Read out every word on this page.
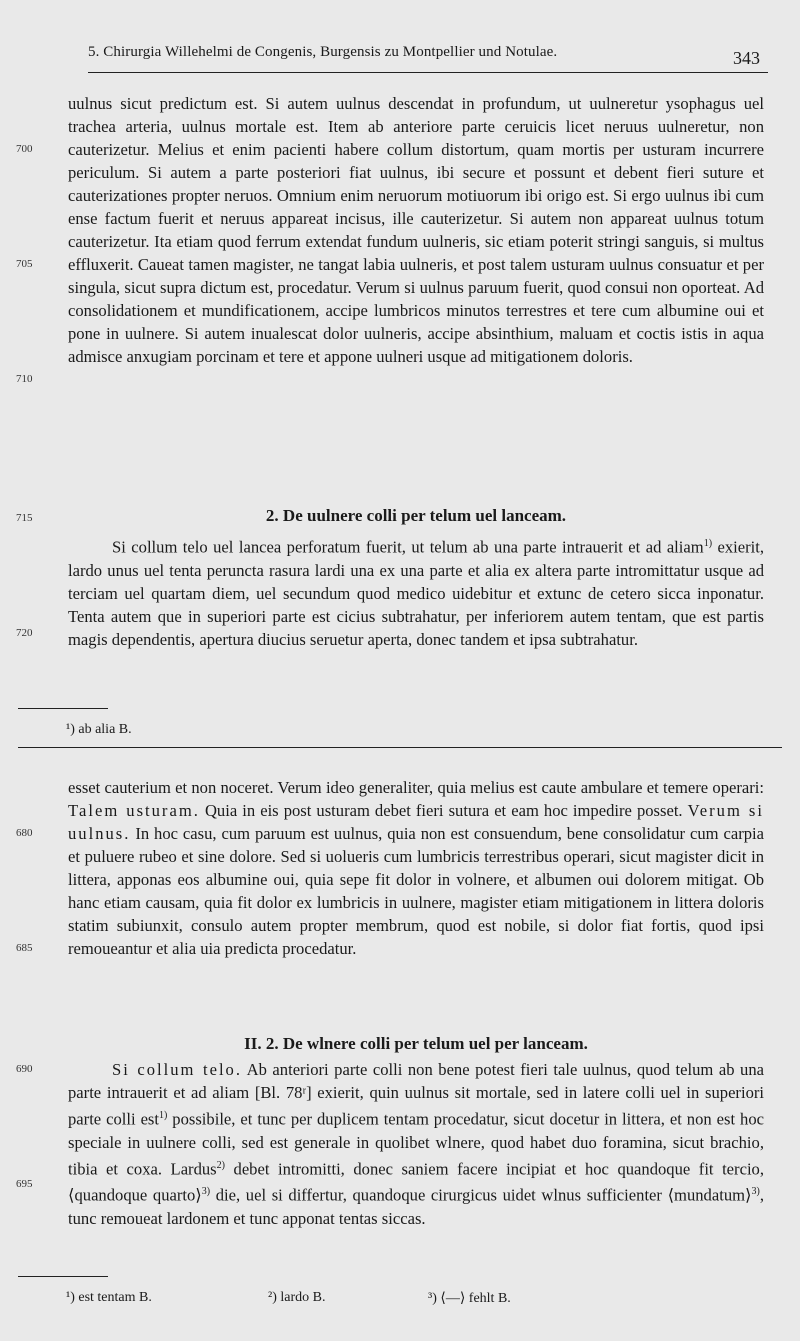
5. Chirurgia Willehelmi de Congenis, Burgensis zu Montpellier und Notulae.	343

uulnus sicut predictum est. Si autem uulnus descendat in profundum, ut uulneretur ysophagus uel trachea arteria, uulnus mortale est. Item ab anteriore parte ceruicis licet neruus uulneretur, non cauterizetur. Melius et enim pacienti habere collum distortum, quam mortis per usturam incurrere periculum. Si autem a parte posteriori fiat uulnus, ibi secure et possunt et debent fieri suture et cauterizationes propter neruos. Omnium enim neruorum motiuorum ibi origo est. Si ergo uulnus ibi cum ense factum fuerit et neruus appareat incisus, ille cauterizetur. Si autem non appareat uulnus totum cauterizetur. Ita etiam quod ferrum extendat fundum uulneris, sic etiam poterit stringi sanguis, si multus effluxerit. Caueat tamen magister, ne tangat labia uulneris, et post talem usturam uulnus consuatur et per singula, sicut supra dictum est, procedatur. Verum si uulnus paruum fuerit, quod consui non oporteat. Ad consolidationem et mundificationem, accipe lumbricos minutos terrestres et tere cum albumine oui et pone in uulnere. Si autem inualescat dolor uulneris, accipe absinthium, maluam et coctis istis in aqua admisce anxugiam porcinam et tere et appone uulneri usque ad mitigationem doloris.

700
705
710
715
720
2. De uulnere colli per telum uel lanceam.

Si collum telo uel lancea perforatum fuerit, ut telum ab una parte intrauerit et ad aliam$^{1)}$ exierit, lardo unus uel tenta peruncta rasura lardi una ex una parte et alia ex altera parte intromittatur usque ad terciam uel quartam diem, uel secundum quod medico uidebitur et extunc de cetero sicca inponatur. Tenta autem que in superiori parte est cicius subtrahatur, per inferiorem autem tentam, que est partis magis dependentis, apertura diucius seruetur aperta, donec tandem et ipsa subtrahatur.

¹) ab alia B.

esset cauterium et non noceret. Verum ideo generaliter, quia melius est caute ambulare et temere operari: Talem usturam. Quia in eis post usturam debet fieri sutura et eam hoc impedire posset. Verum si uulnus. In hoc casu, cum paruum est uulnus, quia non est consuendum, bene consolidatur cum carpia et puluere rubeo et sine dolore. Sed si uolueris cum lumbricis terrestribus operari, sicut magister dicit in littera, apponas eos albumine oui, quia sepe fit dolor in volnere, et albumen oui dolorem mitigat. Ob hanc etiam causam, quia fit dolor ex lumbricis in uulnere, magister etiam mitigationem in littera doloris statim subiunxit, consulo autem propter membrum, quod est nobile, si dolor fiat fortis, quod ipsi remoueantur et alia uia predicta procedatur.

680
685
690
695
II. 2. De wlnere colli per telum uel per lanceam.

Si collum telo. Ab anteriori parte colli non bene potest fieri tale uulnus, quod telum ab una parte intrauerit et ad aliam [Bl. 78ʳ] exierit, quin uulnus sit mortale, sed in latere colli uel in superiori parte colli est$^{1)}$ possibile, et tunc per duplicem tentam procedatur, sicut docetur in littera, et non est hoc speciale in uulnere colli, sed est generale in quolibet wlnere, quod habet duo foramina, sicut brachio, tibia et coxa. Lardus$^{2)}$ debet intromitti, donec saniem facere incipiat et hoc quandoque fit tercio, ⟨quandoque quarto⟩$^{3)}$ die, uel si differtur, quandoque cirurgicus uidet wlnus sufficienter ⟨mundatum⟩$^{3)}$, tunc remoueat lardonem et tunc apponat tentas siccas.

¹) est tentam B.	²) lardo B.	³) ⟨—⟩ fehlt B.
